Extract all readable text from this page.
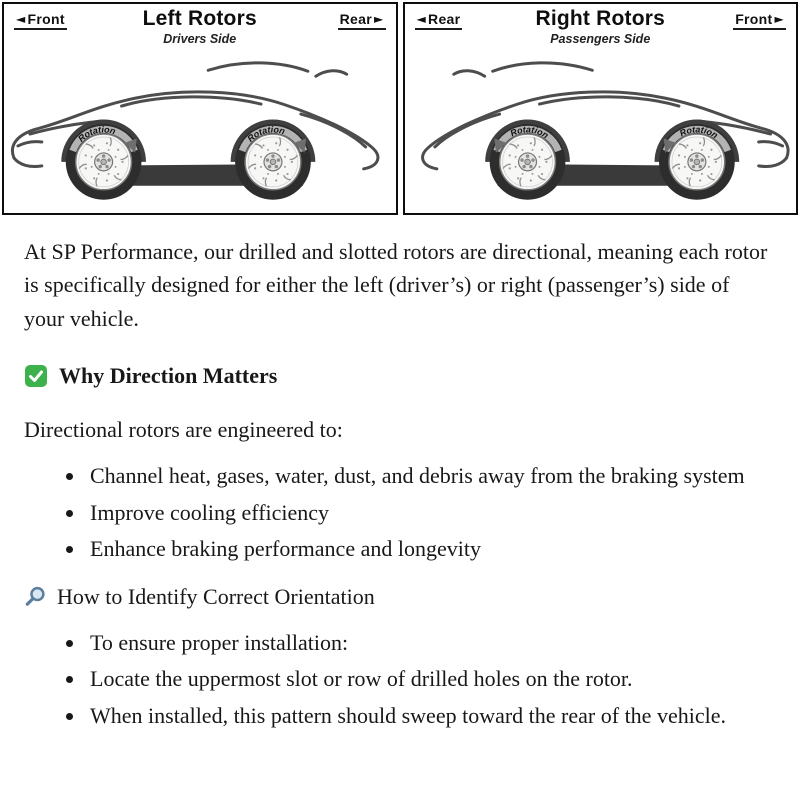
◄ Front	Left Rotors
Drivers Side
Rear ►
Rotation
Rotation
◄ Rear	Right Rotors
Passengers Side
Front ►
Rotation	Rotation

At SP Performance, our drilled and slotted rotors are directional, meaning each rotor is specifically designed for either the left (driver’s) or right (passenger’s) side of your vehicle.

Why Direction Matters

Directional rotors are engineered to:

• Channel heat, gases, water, dust, and debris away from the braking system
• Improve cooling efficiency
• Enhance braking performance and longevity
How to Identify Correct Orientation
• To ensure proper installation:
• Locate the uppermost slot or row of drilled holes on the rotor.
• When installed, this pattern should sweep toward the rear of the vehicle.
